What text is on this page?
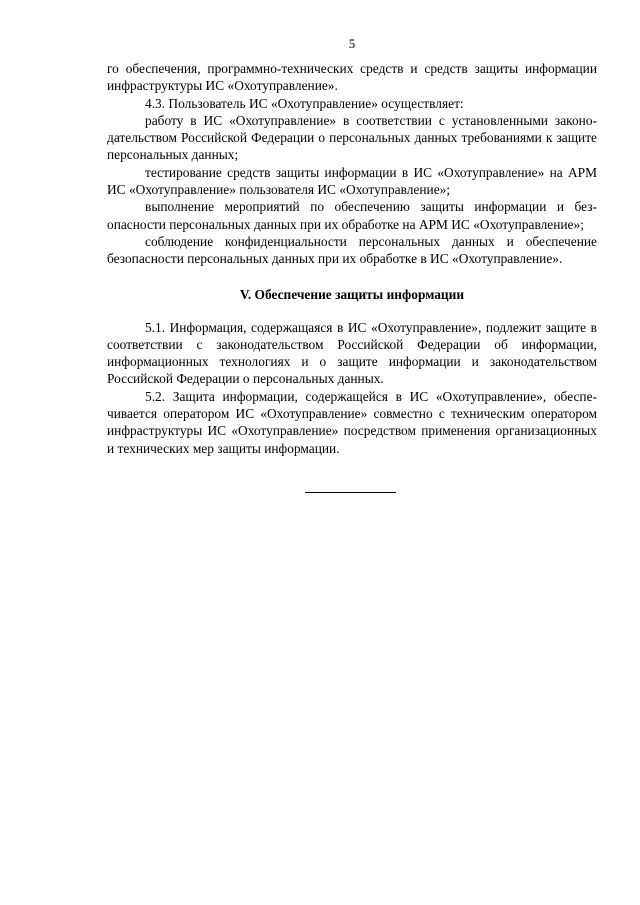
5

го обеспечения, программно-технических средств и средств защиты информации инфраструктуры ИС «Охотуправление».

4.3. Пользователь ИС «Охотуправление» осуществляет:

работу в ИС «Охотуправление» в соответствии с установленными законодательством Российской Федерации о персональных данных требованиями к защите персональных данных;

тестирование средств защиты информации в ИС «Охотуправление» на АРМ ИС «Охотуправление» пользователя ИС «Охотуправление»;

выполнение мероприятий по обеспечению защиты информации и безопасности персональных данных при их обработке на АРМ ИС «Охотуправление»;

соблюдение конфиденциальности персональных данных и обеспечение безопасности персональных данных при их обработке в ИС «Охотуправление».

V. Обеспечение защиты информации

5.1. Информация, содержащаяся в ИС «Охотуправление», подлежит защите в соответствии с законодательством Российской Федерации об информации, информационных технологиях и о защите информации и законодательством Российской Федерации о персональных данных.

5.2. Защита информации, содержащейся в ИС «Охотуправление», обеспечивается оператором ИС «Охотуправление» совместно с техническим оператором инфраструктуры ИС «Охотуправление» посредством применения организационных и технических мер защиты информации.
